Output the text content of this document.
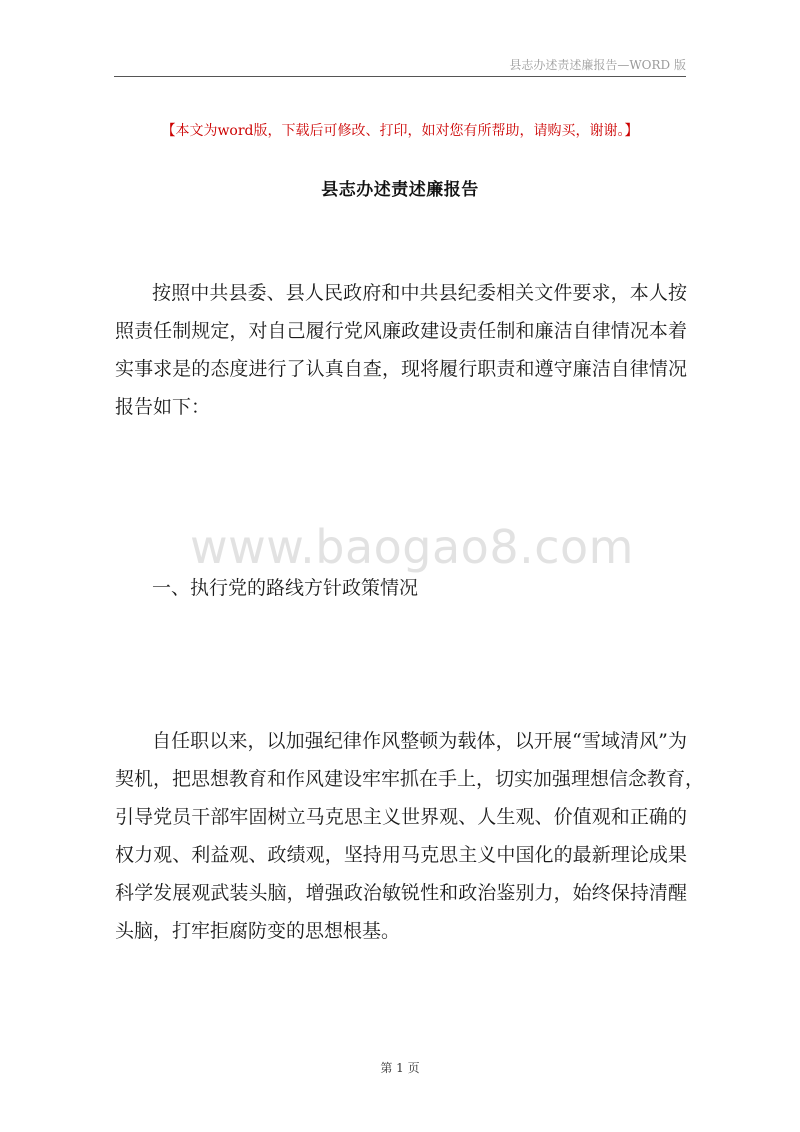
县志办述责述廉报告—WORD 版
【本文为word版，下载后可修改、打印，如对您有所帮助，请购买，谢谢。】
县志办述责述廉报告
按照中共县委、县人民政府和中共县纪委相关文件要求，本人按
照责任制规定，对自己履行党风廉政建设责任制和廉洁自律情况本着
实事求是的态度进行了认真自查，现将履行职责和遵守廉洁自律情况
报告如下：
www.baogao8.com
一、执行党的路线方针政策情况
自任职以来，以加强纪律作风整顿为载体，以开展“雪域清风”为
契机，把思想教育和作风建设牢牢抓在手上，切实加强理想信念教育，
引导党员干部牢固树立马克思主义世界观、人生观、价值观和正确的
权力观、利益观、政绩观，坚持用马克思主义中国化的最新理论成果
科学发展观武装头脑，增强政治敏锐性和政治鉴别力，始终保持清醒
头脑，打牢拒腐防变的思想根基。
第 1 页
